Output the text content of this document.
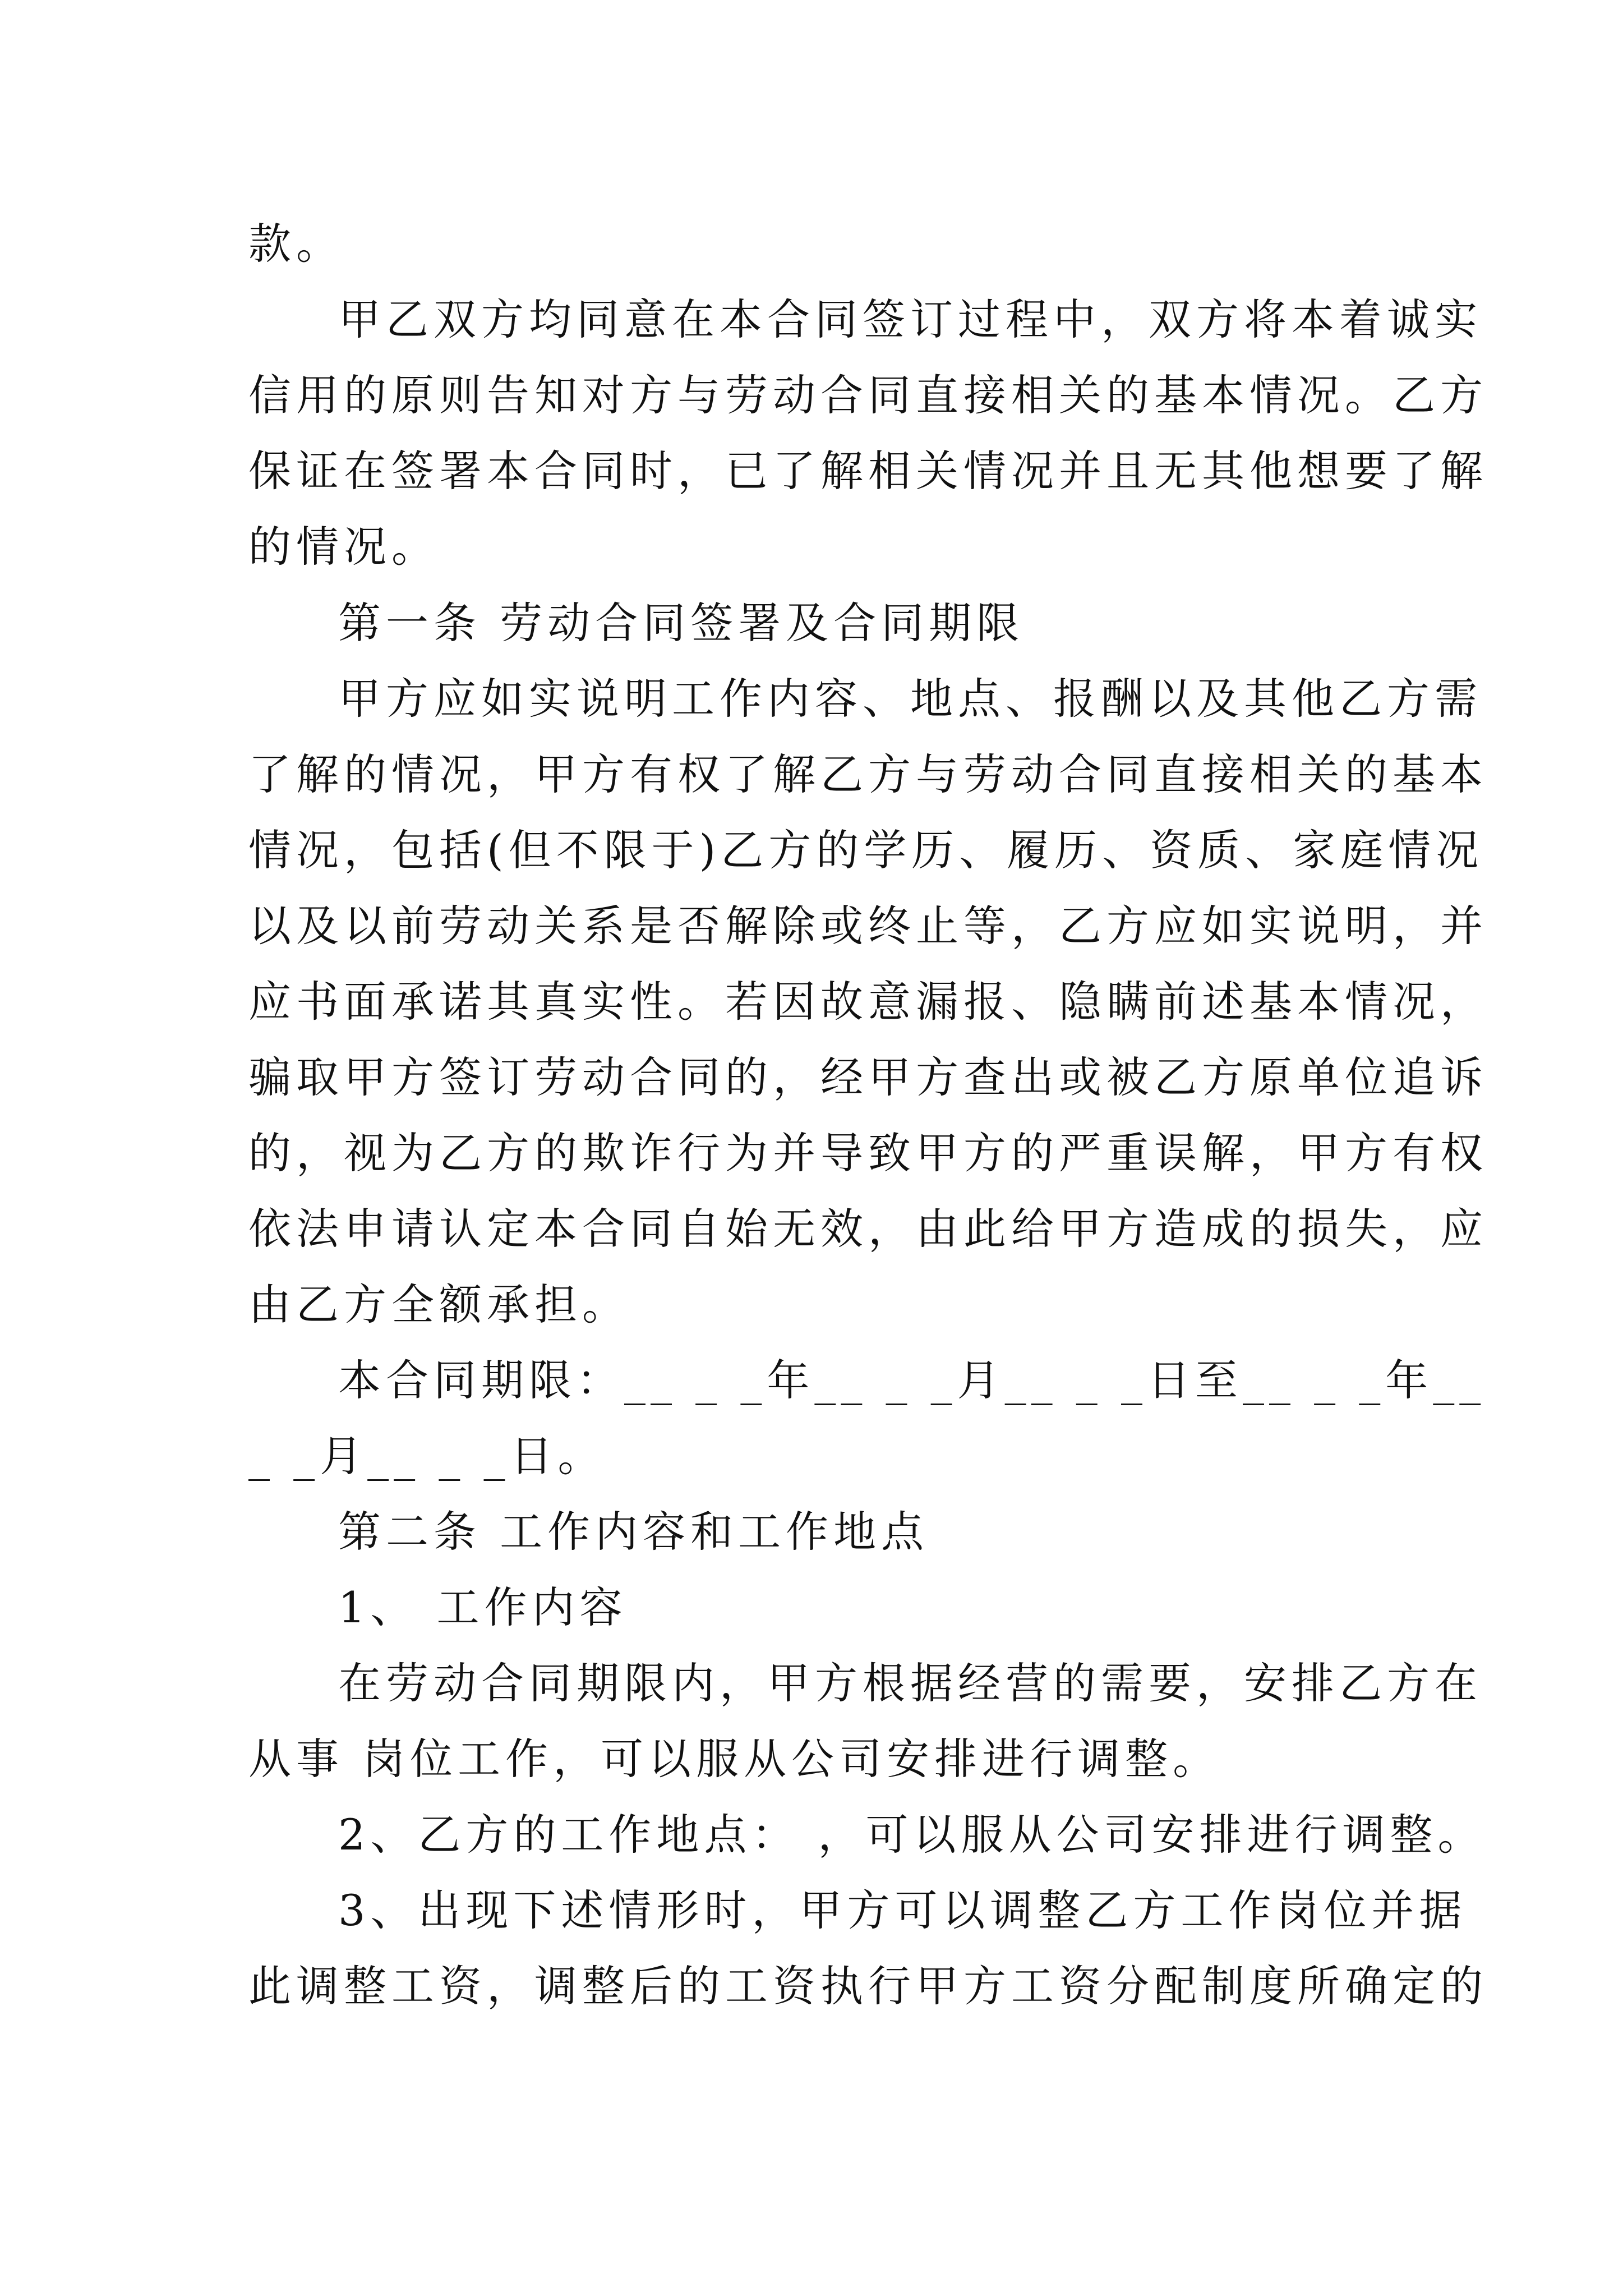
款。
甲乙双方均同意在本合同签订过程中，双方将本着诚实
信用的原则告知对方与劳动合同直接相关的基本情况。乙方
保证在签署本合同时，已了解相关情况并且无其他想要了解
的情况。
第一条 劳动合同签署及合同期限
甲方应如实说明工作内容、地点、报酬以及其他乙方需
了解的情况，甲方有权了解乙方与劳动合同直接相关的基本
情况，包括(但不限于)乙方的学历、履历、资质、家庭情况
以及以前劳动关系是否解除或终止等，乙方应如实说明，并
应书面承诺其真实性。若因故意漏报、隐瞒前述基本情况，
骗取甲方签订劳动合同的，经甲方查出或被乙方原单位追诉
的，视为乙方的欺诈行为并导致甲方的严重误解，甲方有权
依法申请认定本合同自始无效，由此给甲方造成的损失，应
由乙方全额承担。
本合同期限：__ _ _年__ _ _月__ _ _日至__ _ _年__
_ _月__ _ _日。
第二条 工作内容和工作地点
1、 工作内容
在劳动合同期限内，甲方根据经营的需要，安排乙方在
从事 岗位工作，可以服从公司安排进行调整。
2、乙方的工作地点： ，可以服从公司安排进行调整。
3、出现下述情形时，甲方可以调整乙方工作岗位并据
此调整工资，调整后的工资执行甲方工资分配制度所确定的
